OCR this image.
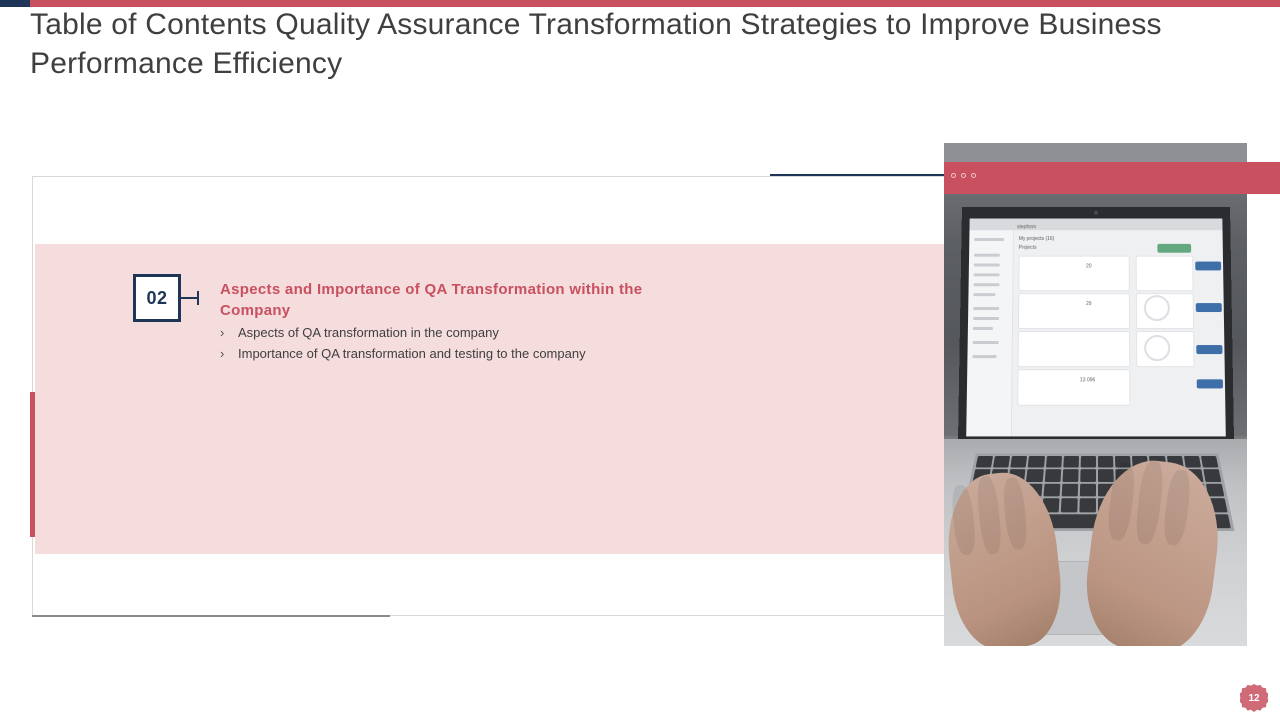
Table of Contents Quality Assurance Transformation Strategies to Improve Business Performance Efficiency
02	Aspects and Importance of QA Transformation within the Company
›	Aspects of QA transformation in the company
›	Importance of QA transformation and testing to the company
My projects (16)
Projects
20
29
13 096
stepform
12
